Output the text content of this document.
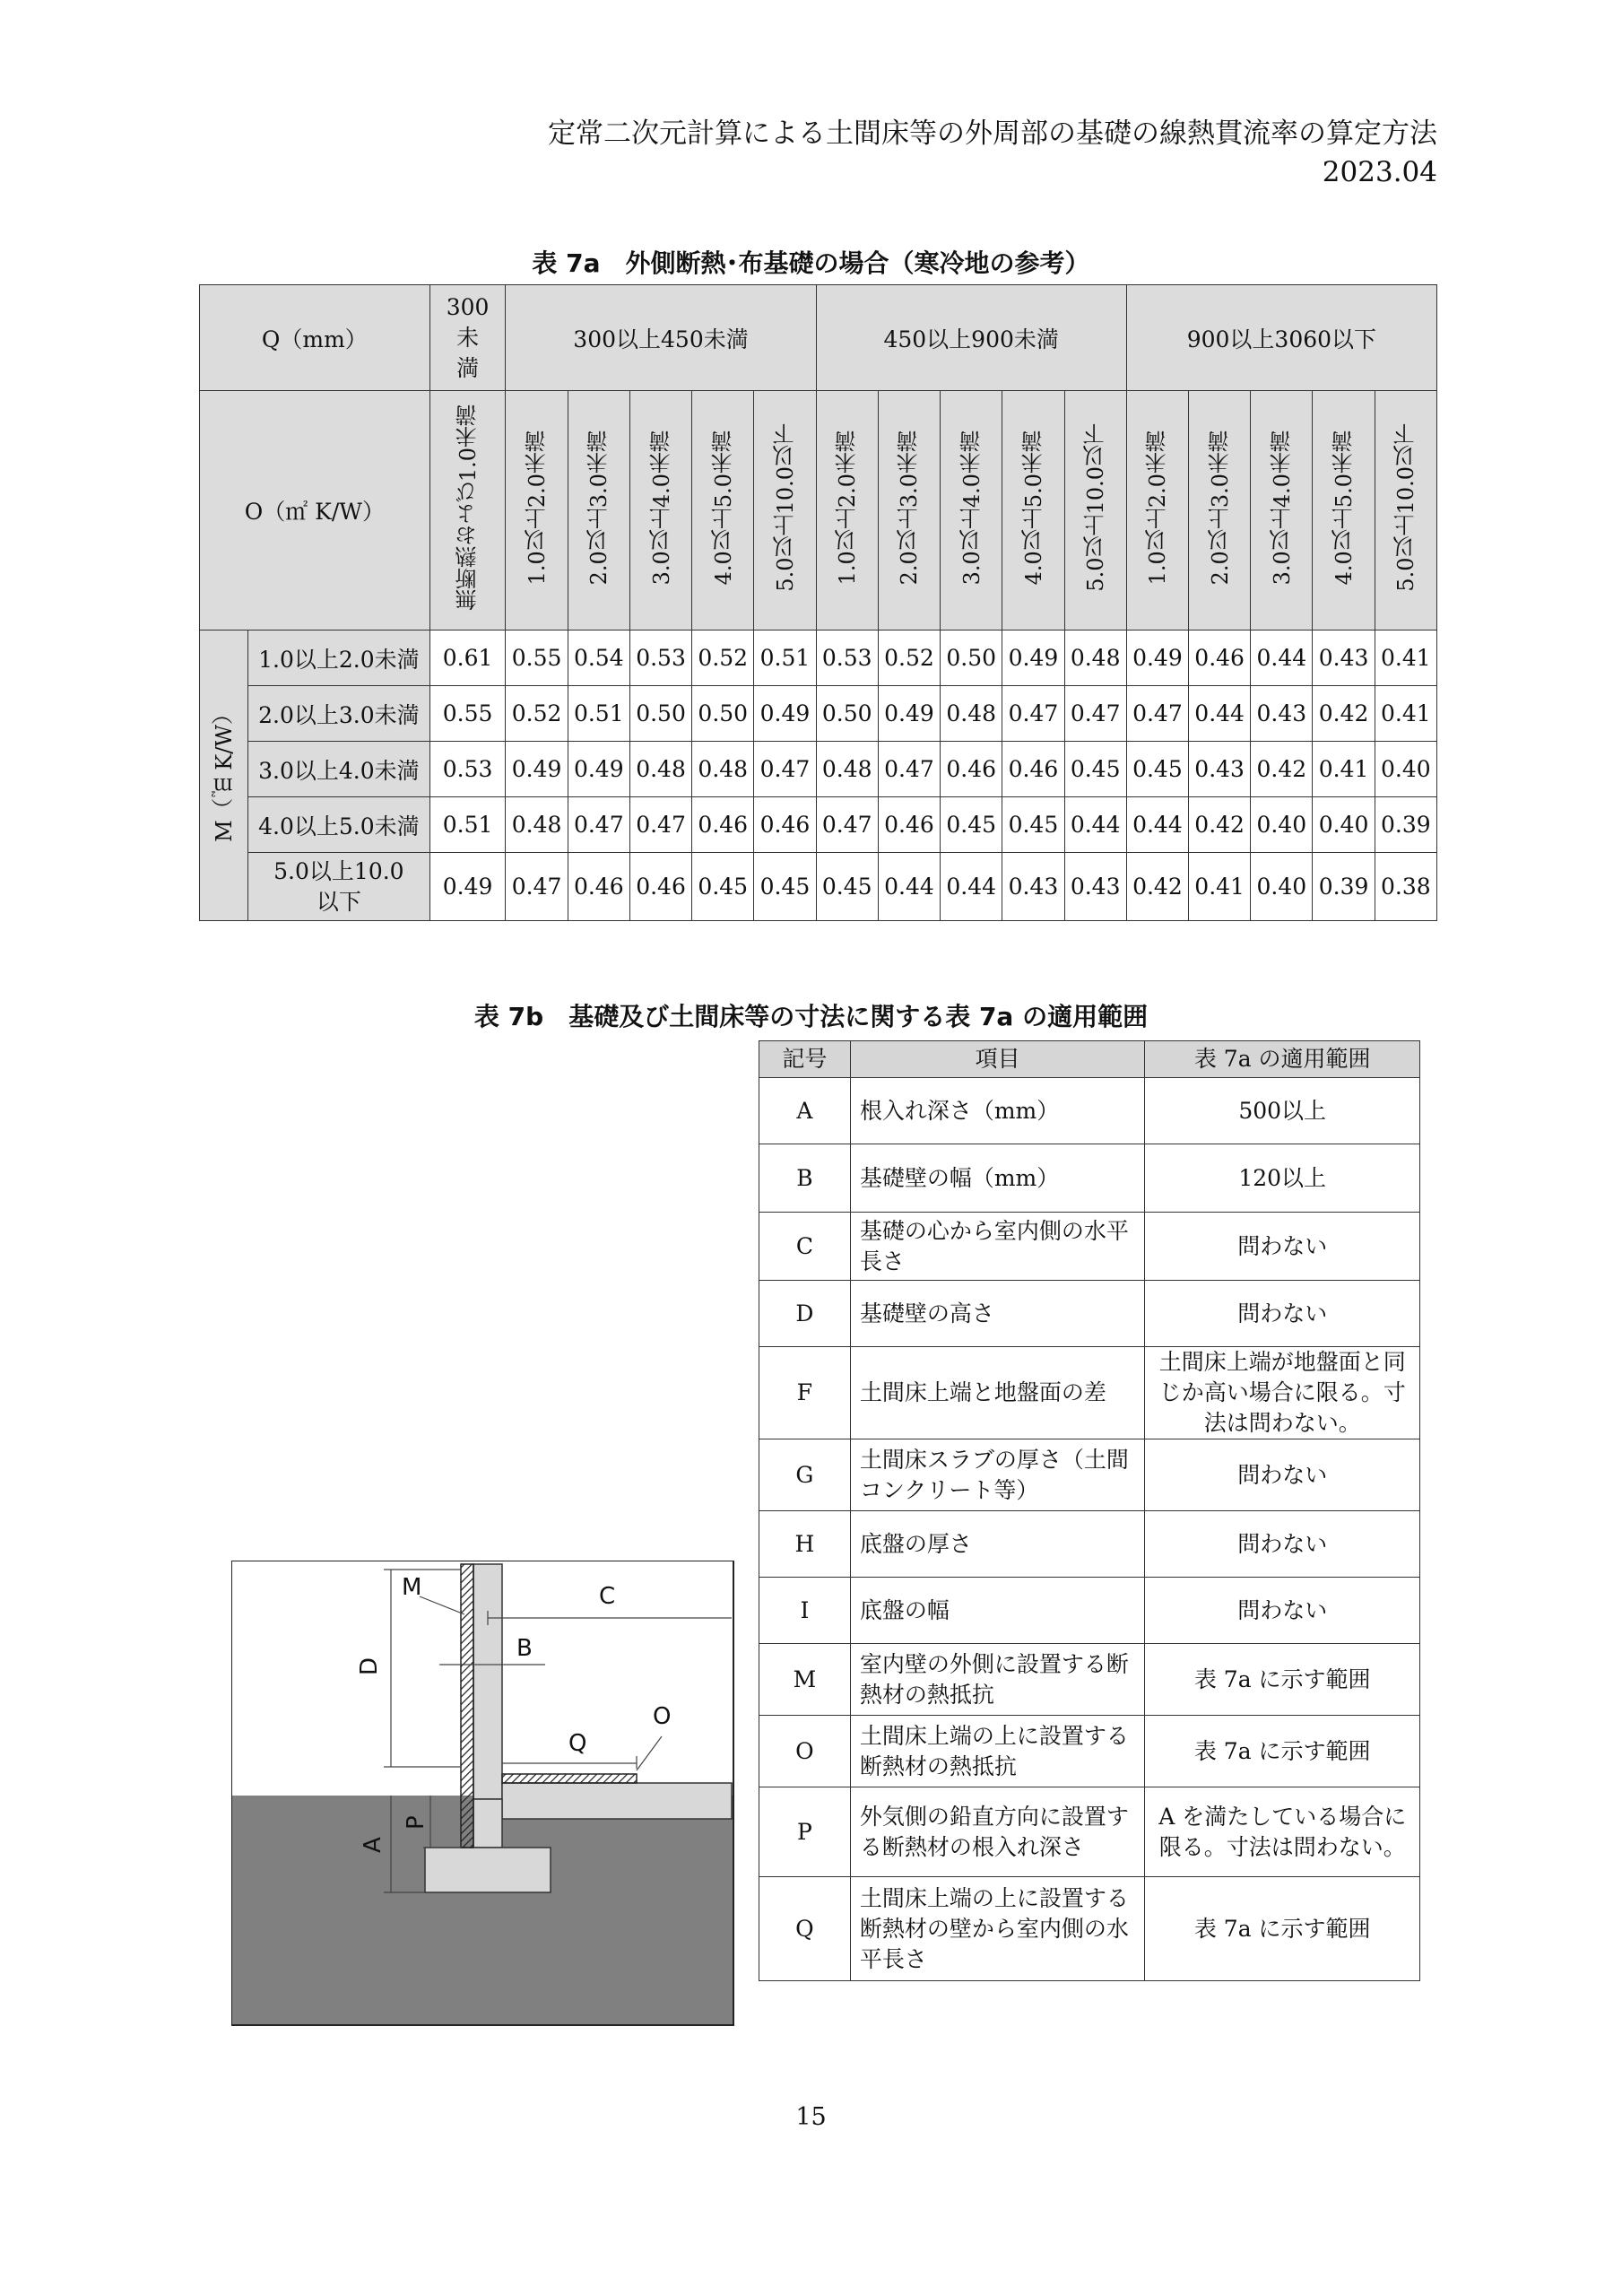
定常二次元計算による土間床等の外周部の基礎の線熱貫流率の算定方法
2023.04
表 7a　外側断熱･布基礎の場合（寒冷地の参考）
Q（mm）		300未満	300以上450未満					450以上900未満					900以上3060以下				
O（㎡ K/W）		無断熱および1.0未満	1.0以上2.0未満	2.0以上3.0未満	3.0以上4.0未満	4.0以上5.0未満	5.0以上10.0以下	1.0以上2.0未満	2.0以上3.0未満	3.0以上4.0未満	4.0以上5.0未満	5.0以上10.0以下	1.0以上2.0未満	2.0以上3.0未満	3.0以上4.0未満	4.0以上5.0未満	5.0以上10.0以下
M（㎡ K/W）	1.0以上2.0未満	0.61	0.55	0.54	0.53	0.52	0.51	0.53	0.52	0.50	0.49	0.48	0.49	0.46	0.44	0.43	0.41
	2.0以上3.0未満	0.55	0.52	0.51	0.50	0.50	0.49	0.50	0.49	0.48	0.47	0.47	0.47	0.44	0.43	0.42	0.41
	3.0以上4.0未満	0.53	0.49	0.49	0.48	0.48	0.47	0.48	0.47	0.46	0.46	0.45	0.45	0.43	0.42	0.41	0.40
	4.0以上5.0未満	0.51	0.48	0.47	0.47	0.46	0.46	0.47	0.46	0.45	0.45	0.44	0.44	0.42	0.40	0.40	0.39
	5.0以上10.0以下	0.49	0.47	0.46	0.46	0.45	0.45	0.45	0.44	0.44	0.43	0.43	0.42	0.41	0.40	0.39	0.38
表 7b　基礎及び土間床等の寸法に関する表 7a の適用範囲
記号	項目	表 7a の適用範囲
A	根入れ深さ（mm）	500以上
B	基礎壁の幅（mm）	120以上
C	基礎の心から室内側の水平長さ	問わない
D	基礎壁の高さ	問わない
F	土間床上端と地盤面の差	土間床上端が地盤面と同じか高い場合に限る。寸法は問わない。
G	土間床スラブの厚さ（土間コンクリート等）	問わない
H	底盤の厚さ	問わない
I	底盤の幅	問わない
M	室内壁の外側に設置する断熱材の熱抵抗	表 7a に示す範囲
O	土間床上端の上に設置する断熱材の熱抵抗	表 7a に示す範囲
P	外気側の鉛直方向に設置する断熱材の根入れ深さ	A を満たしている場合に限る。寸法は問わない。
Q	土間床上端の上に設置する断熱材の壁から室内側の水平長さ	表 7a に示す範囲
M	C
B
D
Q
O
P
A
15
